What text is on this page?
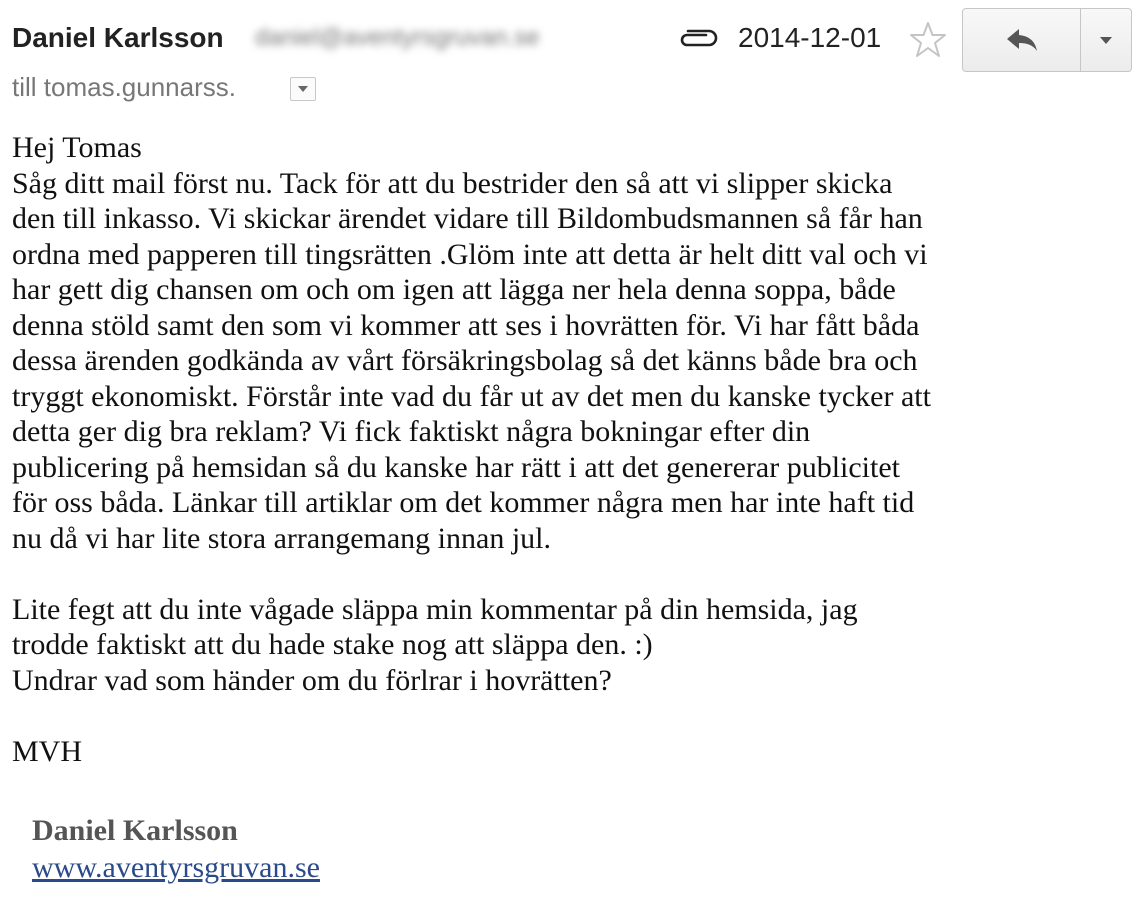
Daniel Karlsson daniel@aventyrsgruvan.se	2014-12-01
till tomas.gunnarss.
Hej Tomas

Såg ditt mail först nu. Tack för att du bestrider den så att vi slipper skicka
den till inkasso. Vi skickar ärendet vidare till Bildombudsmannen så får han
ordna med papperen till tingsrätten .Glöm inte att detta är helt ditt val och vi
har gett dig chansen om och om igen att lägga ner hela denna soppa, både
denna stöld samt den som vi kommer att ses i hovrätten för. Vi har fått båda
dessa ärenden godkända av vårt försäkringsbolag så det känns både bra och
tryggt ekonomiskt. Förstår inte vad du får ut av det men du kanske tycker att
detta ger dig bra reklam? Vi fick faktiskt några bokningar efter din
publicering på hemsidan så du kanske har rätt i att det genererar publicitet
för oss båda. Länkar till artiklar om det kommer några men har inte haft tid
nu då vi har lite stora arrangemang innan jul.

Lite fegt att du inte vågade släppa min kommentar på din hemsida, jag
trodde faktiskt att du hade stake nog att släppa den. :)
Undrar vad som händer om du förlrar i hovrätten?

MVH
Daniel Karlsson
www.aventyrsgruvan.se
